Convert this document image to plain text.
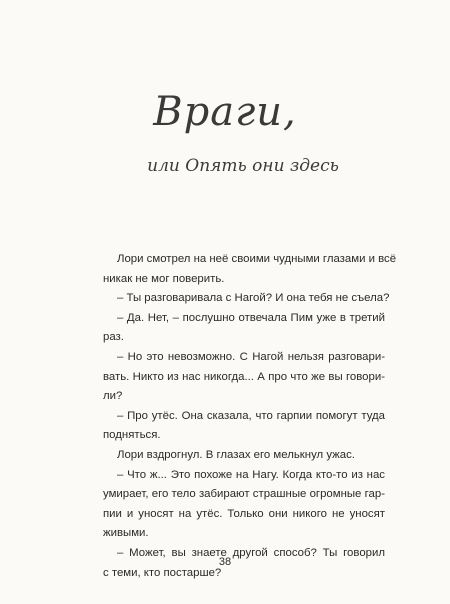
Враги,
или Опять они здесь
Лори смотрел на неё своими чудными глазами и всё
никак не мог поверить.
– Ты разговаривала с Нагой? И она тебя не съела?
– Да. Нет, – послушно отвечала Пим уже в третий
раз.
– Но это невозможно. С Нагой нельзя разговари-
вать. Никто из нас никогда... А про что же вы говори-
ли?
– Про утёс. Она сказала, что гарпии помогут туда
подняться.
Лори вздрогнул. В глазах его мелькнул ужас.
– Что ж... Это похоже на Нагу. Когда кто-то из нас
умирает, его тело забирают страшные огромные гар-
пии и уносят на утёс. Только они никого не уносят
живыми.
– Может, вы знаете другой способ? Ты говорил
с теми, кто постарше?
38
